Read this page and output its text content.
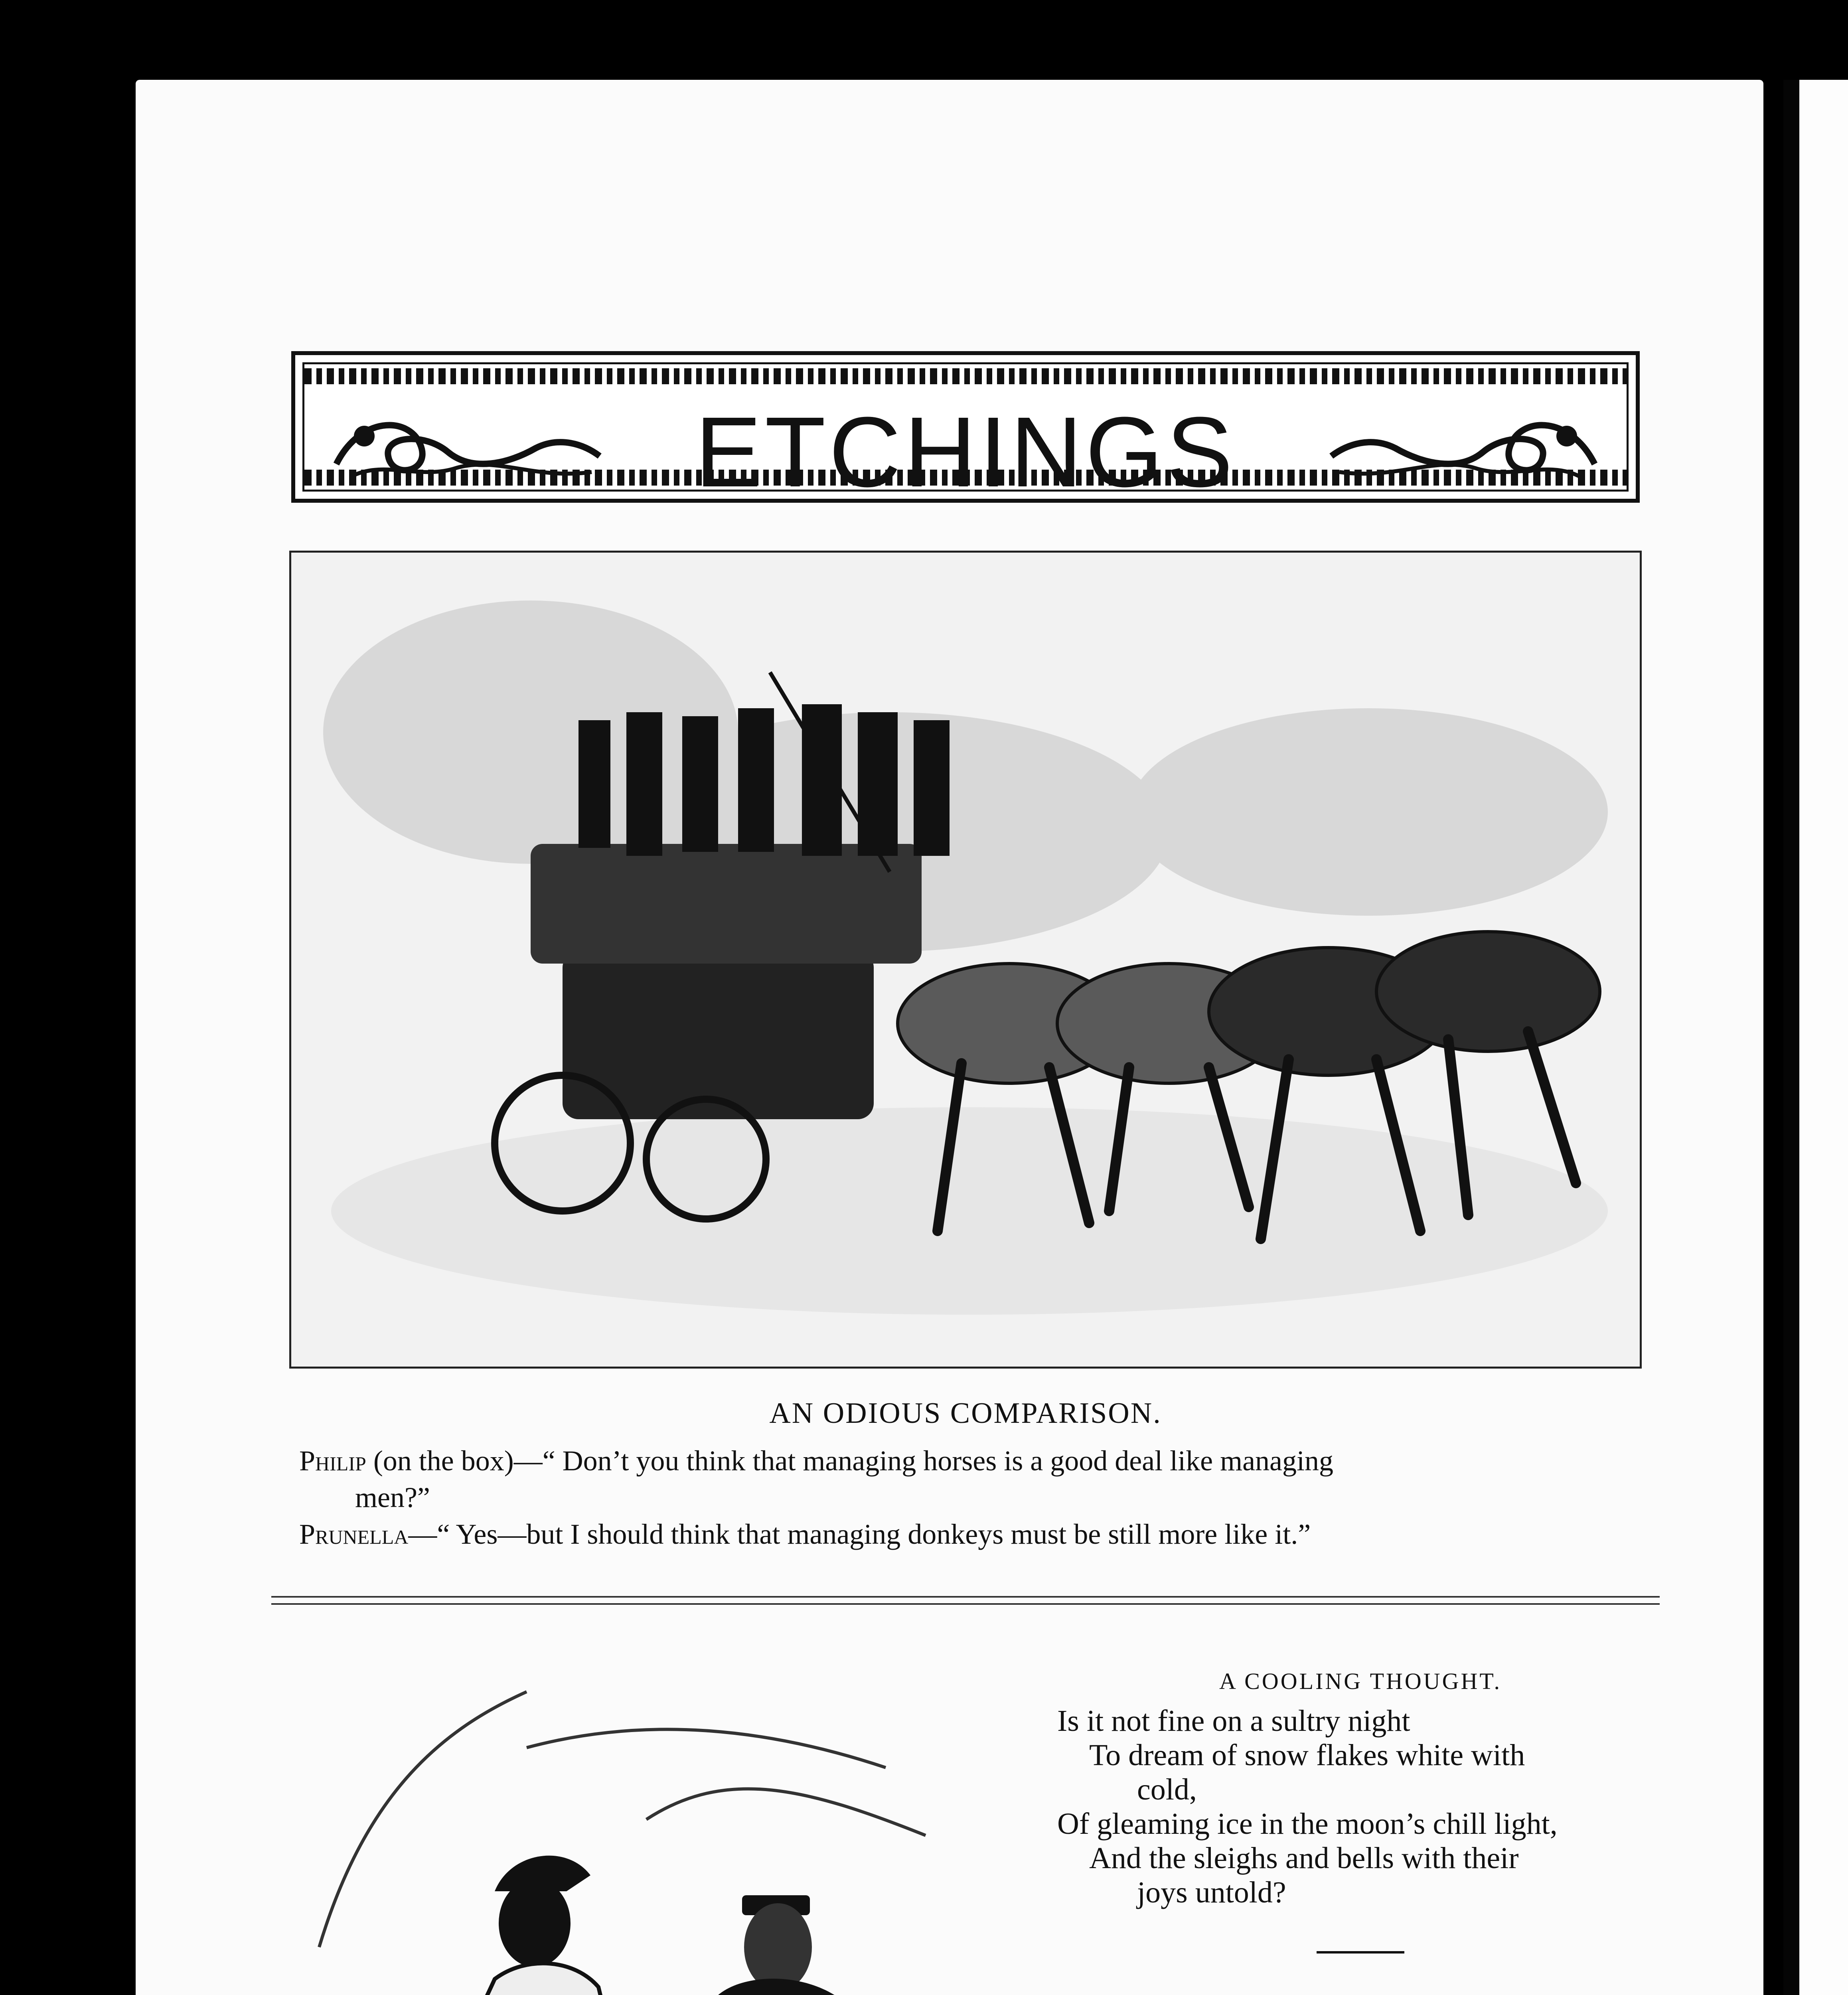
ETCHINGS
AN ODIOUS COMPARISON.

Philip (on the box)—“ Don’t you think that managing horses is a good deal like managing
men?”

Prunella—“ Yes—but I should think that managing donkeys must be still more like it.”

A COOLING THOUGHT.

Is it not fine on a sultry night

To dream of snow flakes white with

cold,

Of gleaming ice in the moon’s chill light,

And the sleighs and bells with their

joys untold?
